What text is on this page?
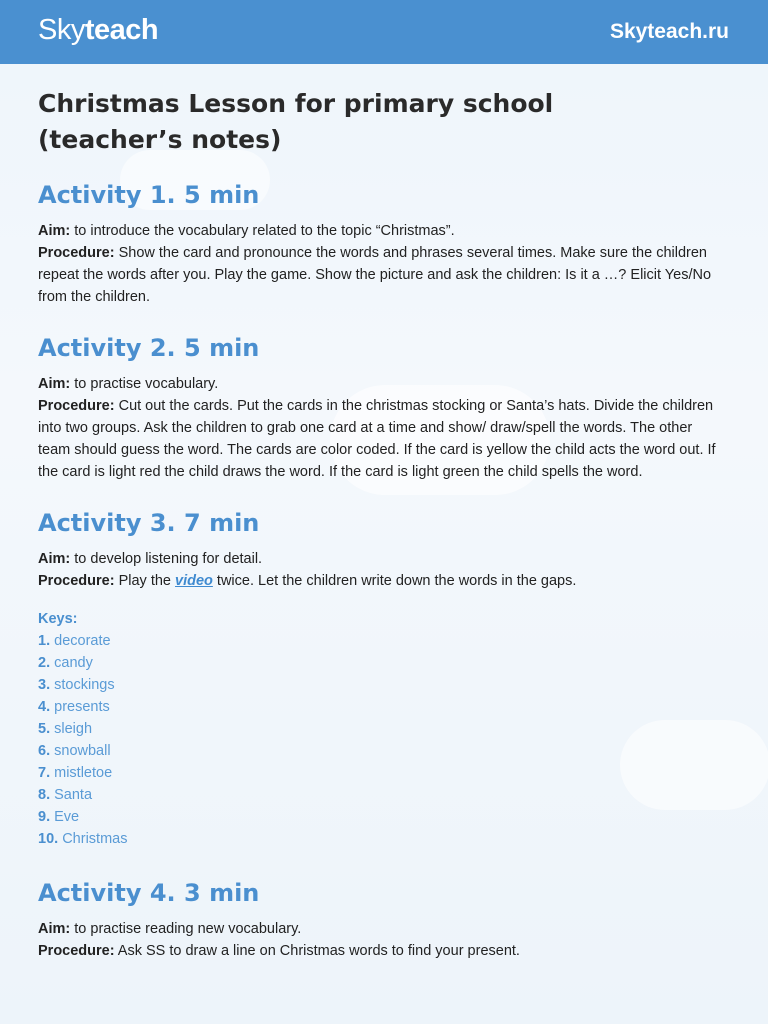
Skyteach	Skyteach.ru
Christmas Lesson for primary school
(teacher’s notes)
Activity 1. 5 min

Aim: to introduce the vocabulary related to the topic “Christmas”.

Procedure: Show the card and pronounce the words and phrases several times. Make sure the children

repeat the words after you. Play the game. Show the picture and ask the children: Is it a …? Elicit Yes/No

from the children.

Activity 2. 5 min

Aim: to practise vocabulary.

Procedure: Cut out the cards. Put the cards in the christmas stocking or Santa’s hats. Divide the children

into two groups. Ask the children to grab one card at a time and show/ draw/spell the words. The other

team should guess the word. The cards are color coded. If the card is yellow the child acts the word out. If

the card is light red the child draws the word. If the card is light green the child spells the word.

Activity 3. 7 min

Aim: to develop listening for detail.

Procedure: Play the video twice. Let the children write down the words in the gaps.

Keys:
1. decorate
2. candy
3. stockings
4. presents
5. sleigh
6. snowball
7. mistletoe
8. Santa
9. Eve
10. Christmas
Activity 4. 3 min

Aim: to practise reading new vocabulary.

Procedure: Ask SS to draw a line on Christmas words to find your present.
